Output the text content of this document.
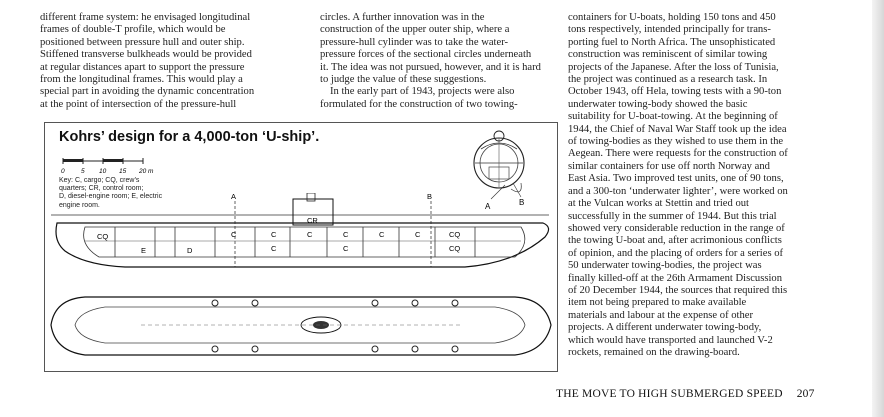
different frame system: he envisaged longitudinal
frames of double-T profile, which would be
positioned between pressure hull and outer ship.
Stiffened transverse bulkheads would be provided
at regular distances apart to support the pressure
from the longitudinal frames. This would play a
special part in avoiding the dynamic concentration
at the point of intersection of the pressure-hull
circles. A further innovation was in the
construction of the upper outer ship, where a
pressure-hull cylinder was to take the water-
pressure forces of the sectional circles underneath
it. The idea was not pursued, however, and it is hard
to judge the value of these suggestions.
In the early part of 1943, projects were also
formulated for the construction of two towing-
containers for U-boats, holding 150 tons and 450
tons respectively, intended principally for trans-
porting fuel to North Africa. The unsophisticated
construction was reminiscent of similar towing
projects of the Japanese. After the loss of Tunisia,
the project was continued as a research task. In
October 1943, off Hela, towing tests with a 90-ton
underwater towing-body showed the basic
suitability for U-boat-towing. At the beginning of
1944, the Chief of Naval War Staff took up the idea
of towing-bodies as they wished to use them in the
Aegean. There were requests for the construction of
similar containers for use off north Norway and
East Asia. Two improved test units, one of 90 tons,
and a 300-ton ‘underwater lighter’, were worked on
at the Vulcan works at Stettin and tried out
successfully in the summer of 1944. But this trial
showed very considerable reduction in the range of
the towing U-boat and, after acrimonious conflicts
of opinion, and the placing of orders for a series of
50 underwater towing-bodies, the project was
finally killed-off at the 26th Armament Discussion
of 20 December 1944, the sources that required this
item not being prepared to make available
materials and labour at the expense of other
projects. A different underwater towing-body,
which would have transported and launched V-2
rockets, remained on the drawing-board.
Kohrs’ design for a 4,000-ton ‘U-ship’.
0	5 10 15 20 m
Key: C, cargo; CQ, crew’s
quarters; CR, control room;
D, diesel-engine room; E, electric
engine room.	A	B
A	B
CQ
E	D
C	C
CR
C	C	C	C	CQ
CQ
C	C
THE MOVE TO HIGH SUBMERGED SPEED 207
